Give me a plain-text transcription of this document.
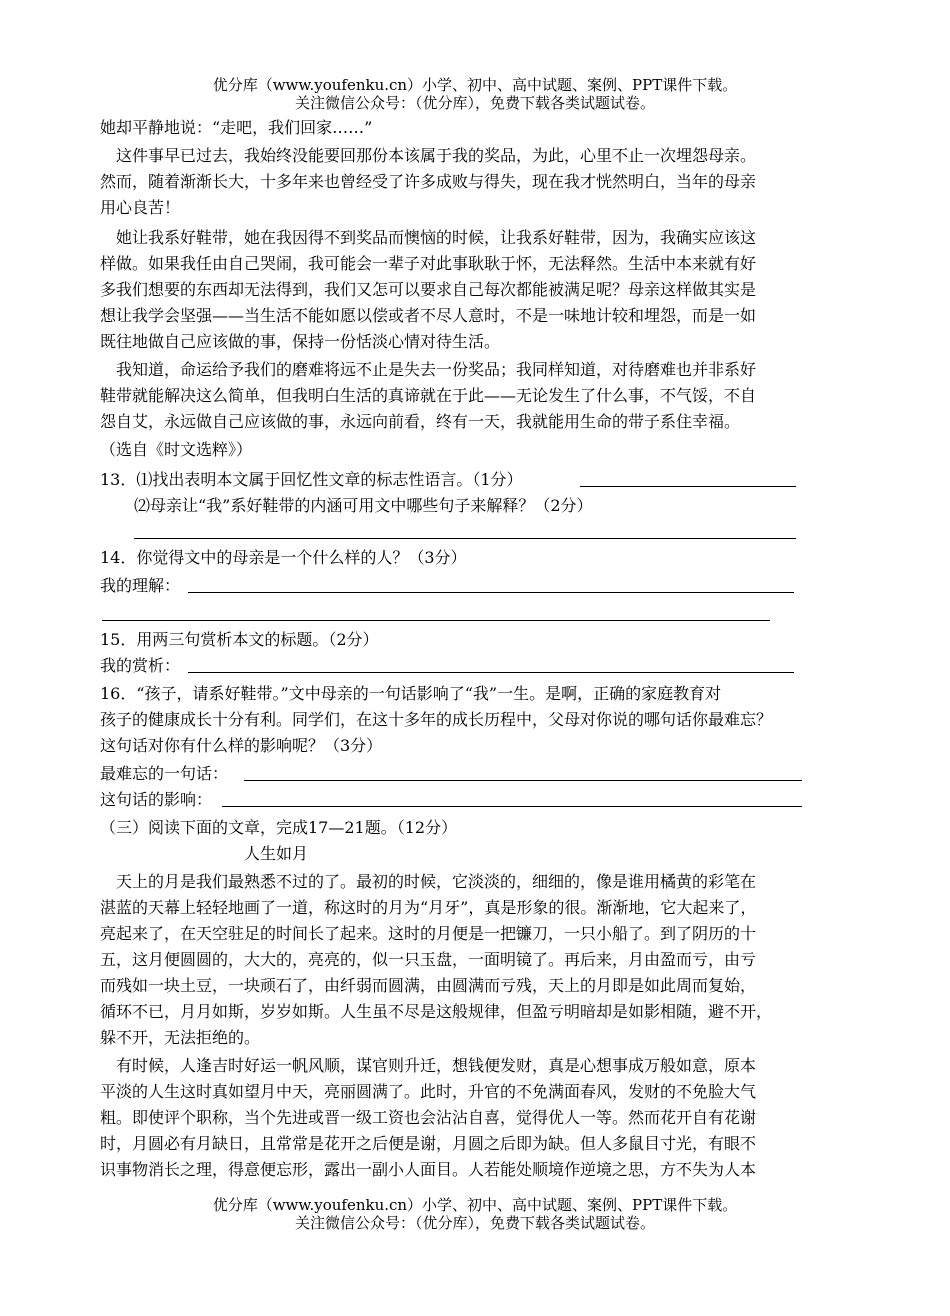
优分库（www.youfenku.cn）小学、初中、高中试题、案例、PPT课件下载。
关注微信公众号：（优分库），免费下载各类试题试卷。
她却平静地说：“走吧，我们回家……”
　这件事早已过去，我始终没能要回那份本该属于我的奖品，为此，心里不止一次埋怨母亲。
然而，随着渐渐长大，十多年来也曾经受了许多成败与得失，现在我才恍然明白，当年的母亲
用心良苦！
　她让我系好鞋带，她在我因得不到奖品而懊恼的时候，让我系好鞋带，因为，我确实应该这
样做。如果我任由自己哭闹，我可能会一辈子对此事耿耿于怀，无法释然。生活中本来就有好
多我们想要的东西却无法得到，我们又怎可以要求自己每次都能被满足呢？母亲这样做其实是
想让我学会坚强——当生活不能如愿以偿或者不尽人意时，不是一味地计较和埋怨，而是一如
既往地做自己应该做的事，保持一份恬淡心情对待生活。
　我知道，命运给予我们的磨难将远不止是失去一份奖品；我同样知道，对待磨难也并非系好
鞋带就能解决这么简单，但我明白生活的真谛就在于此——无论发生了什么事，不气馁，不自
怨自艾，永远做自己应该做的事，永远向前看，终有一天，我就能用生命的带子系住幸福。
（选自《时文选粹》）
13．⑴找出表明本文属于回忆性文章的标志性语言。（1分）
⑵母亲让“我”系好鞋带的内涵可用文中哪些句子来解释？（2分）
14．你觉得文中的母亲是一个什么样的人？（3分）
我的理解：
15．用两三句赏析本文的标题。（2分）
我的赏析：
16．“孩子，请系好鞋带。”文中母亲的一句话影响了“我”一生。是啊，正确的家庭教育对
孩子的健康成长十分有利。同学们，在这十多年的成长历程中，父母对你说的哪句话你最难忘？
这句话对你有什么样的影响呢？（3分）
最难忘的一句话：
这句话的影响：
（三）阅读下面的文章，完成17—21题。（12分）
人生如月
　天上的月是我们最熟悉不过的了。最初的时候，它淡淡的，细细的，像是谁用橘黄的彩笔在
湛蓝的天幕上轻轻地画了一道，称这时的月为“月牙”，真是形象的很。渐渐地，它大起来了，
亮起来了，在天空驻足的时间长了起来。这时的月便是一把镰刀，一只小船了。到了阴历的十
五，这月便圆圆的，大大的，亮亮的，似一只玉盘，一面明镜了。再后来，月由盈而亏，由亏
而残如一块土豆，一块顽石了，由纤弱而圆满，由圆满而亏残，天上的月即是如此周而复始，
循环不已，月月如斯，岁岁如斯。人生虽不尽是这般规律，但盈亏明暗却是如影相随，避不开，
躲不开，无法拒绝的。
　有时候，人逢吉时好运一帆风顺，谋官则升迁，想钱便发财，真是心想事成万般如意，原本
平淡的人生这时真如望月中天，亮丽圆满了。此时，升官的不免满面春风，发财的不免脸大气
粗。即使评个职称，当个先进或晋一级工资也会沾沾自喜，觉得优人一等。然而花开自有花谢
时，月圆必有月缺日，且常常是花开之后便是谢，月圆之后即为缺。但人多鼠目寸光，有眼不
识事物消长之理，得意便忘形，露出一副小人面目。人若能处顺境作逆境之思，方不失为人本
优分库（www.youfenku.cn）小学、初中、高中试题、案例、PPT课件下载。
关注微信公众号：（优分库），免费下载各类试题试卷。
